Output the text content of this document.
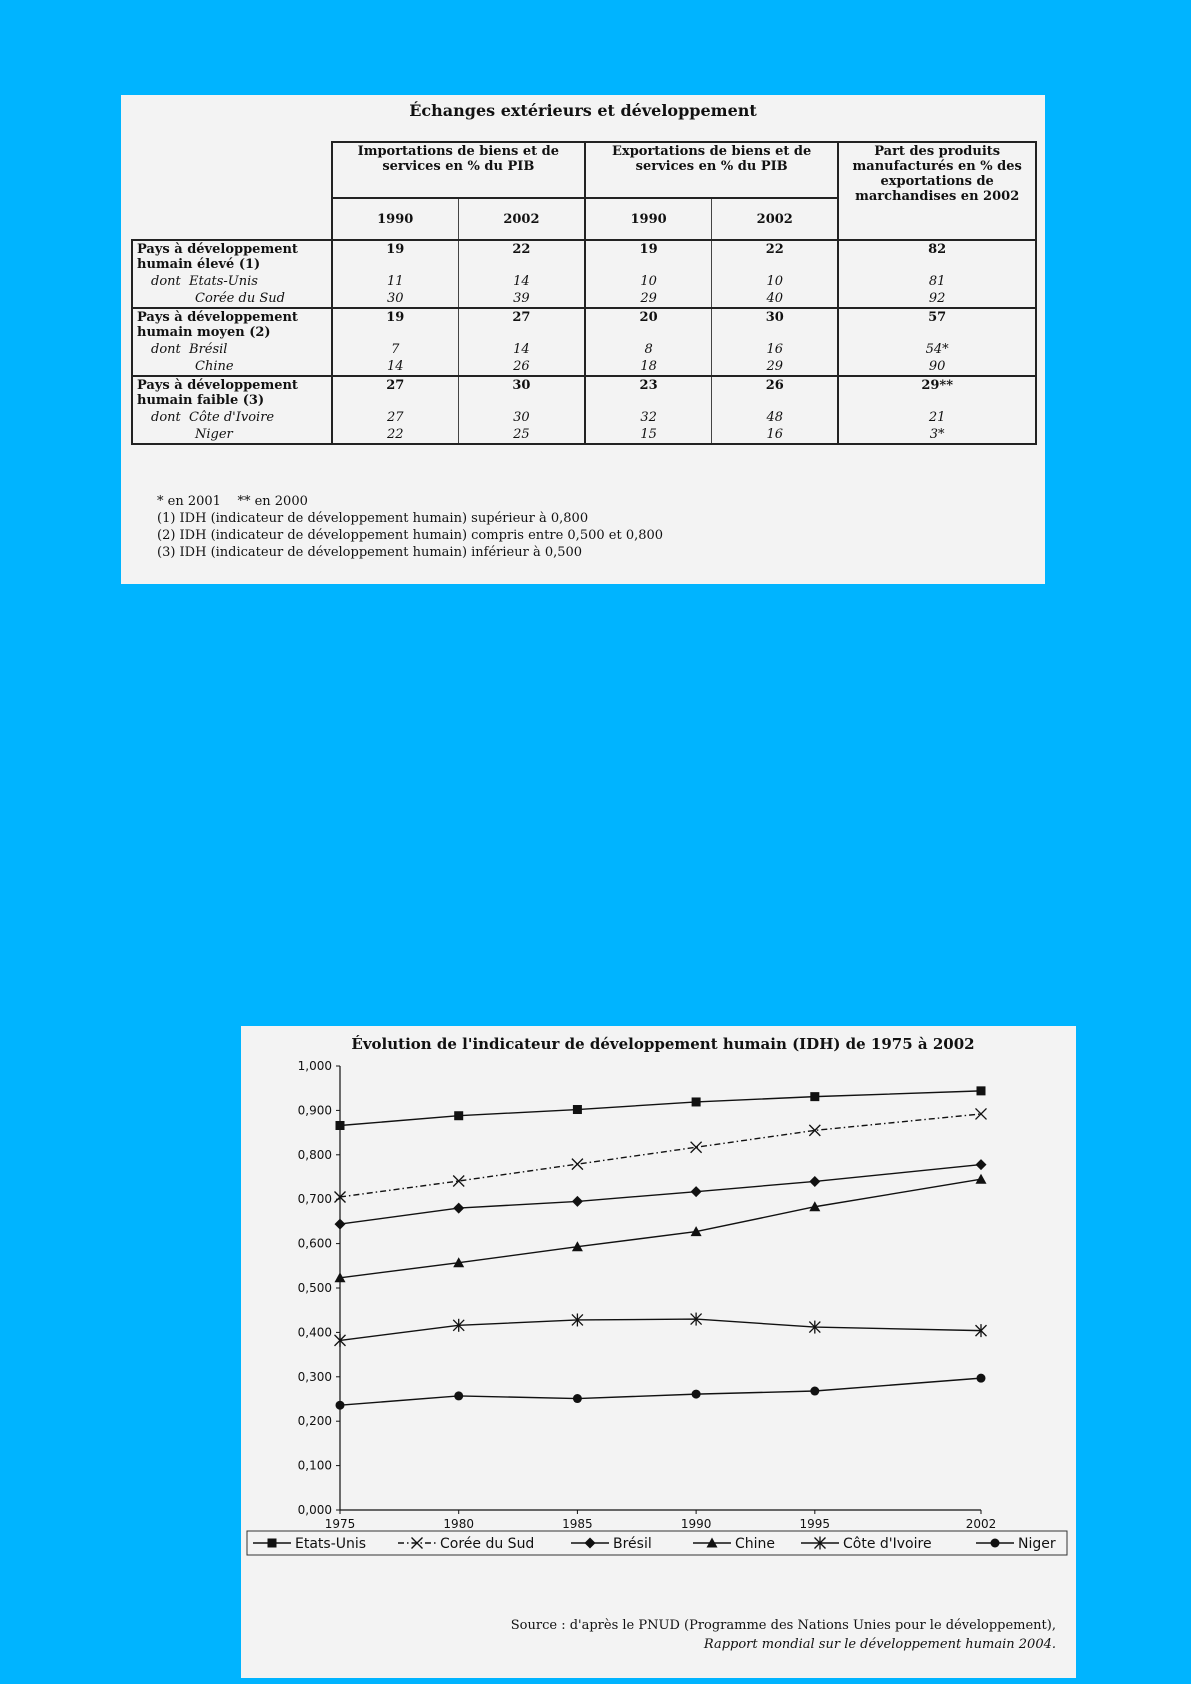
Échanges extérieurs et développement
	Importations de biens et de services en % du PIB		Exportations de biens et de services en % du PIB		Part des produits manufacturés en % des exportations de marchandises en 2002
	1990	2002	1990	2002	
Pays à développement humain élevé (1)	19	22	19	22	82
dont Etats-Unis	11	14	10	10	81
Corée du Sud	30	39	29	40	92
Pays à développement humain moyen (2)	19	27	20	30	57
dont Brésil	7	14	8	16	54*
Chine	14	26	18	29	90
Pays à développement humain faible (3)	27	30	23	26	29**
dont Côte d'Ivoire	27	30	32	48	21
Niger	22	25	15	16	3*
* en 2001    ** en 2000
(1) IDH (indicateur de développement humain) supérieur à 0,800
(2) IDH (indicateur de développement humain) compris entre 0,500 et 0,800
(3) IDH (indicateur de développement humain) inférieur à 0,500
Évolution de l'indicateur de développement humain (IDH) de 1975 à 2002
0,000
0,100
0,200
0,300
0,400
0,500
0,600
0,700
0,800
0,900
1,000
1975	1980	1985	1990	1995	2002
Etats-Unis	Corée du Sud	Brésil	Chine	Côte d'Ivoire	Niger
Source : d'après le PNUD (Programme des Nations Unies pour le développement),
Rapport mondial sur le développement humain 2004.
